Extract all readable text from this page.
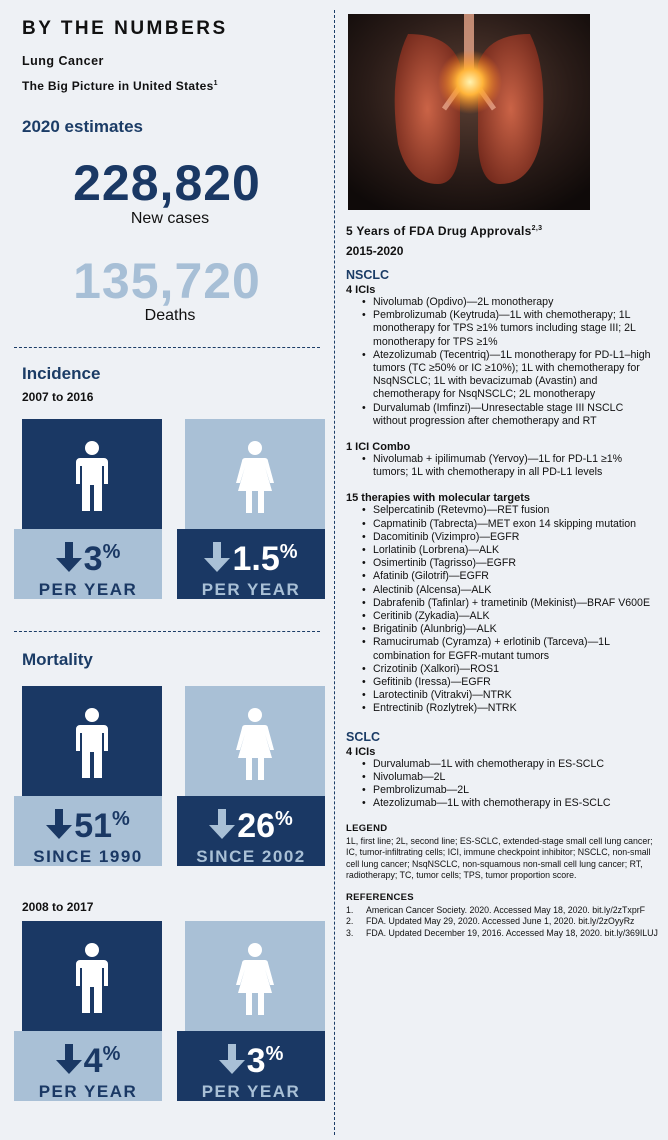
BY THE NUMBERS
Lung Cancer
The Big Picture in United States$^1$
2020 estimates
228,820
New cases
135,720
Deaths
Incidence
2007 to 2016
3%
PER YEAR
1.5%
PER YEAR
Mortality
51%
SINCE 1990
26%
SINCE 2002
2008 to 2017
4%
PER YEAR
3%
PER YEAR
5 Years of FDA Drug Approvals$^{2,3}$
2015-2020
NSCLC
4 ICIs
• Nivolumab (Opdivo)—2L monotherapy
• Pembrolizumab (Keytruda)—1L with chemotherapy; 1L monotherapy for TPS ≥1% tumors including stage III; 2L monotherapy for TPS ≥1%
• Atezolizumab (Tecentriq)—1L monotherapy for PD-L1–high tumors (TC ≥50% or IC ≥10%); 1L with chemotherapy for NsqNSCLC; 1L with bevacizumab (Avastin) and chemotherapy for NsqNSCLC; 2L monotherapy
• Durvalumab (Imfinzi)—Unresectable stage III NSCLC without progression after chemotherapy and RT
1 ICI Combo
• Nivolumab + ipilimumab (Yervoy)—1L for PD-L1 ≥1% tumors; 1L with chemotherapy in all PD-L1 levels
15 therapies with molecular targets
• Selpercatinib (Retevmo)—RET fusion
• Capmatinib (Tabrecta)—MET exon 14 skipping mutation
• Dacomitinib (Vizimpro)—EGFR
• Lorlatinib (Lorbrena)—ALK
• Osimertinib (Tagrisso)—EGFR
• Afatinib (Gilotrif)—EGFR
• Alectinib (Alcensa)—ALK
• Dabrafenib (Tafinlar) + trametinib (Mekinist)—BRAF V600E
• Ceritinib (Zykadia)—ALK
• Brigatinib (Alunbrig)—ALK
• Ramucirumab (Cyramza) + erlotinib (Tarceva)—1L combination for EGFR-mutant tumors
• Crizotinib (Xalkori)—ROS1
• Gefitinib (Iressa)—EGFR
• Larotectinib (Vitrakvi)—NTRK
• Entrectinib (Rozlytrek)—NTRK
SCLC
4 ICIs
• Durvalumab—1L with chemotherapy in ES-SCLC
• Nivolumab—2L
• Pembrolizumab—2L
• Atezolizumab—1L with chemotherapy in ES-SCLC
LEGEND
1L, first line; 2L, second line; ES-SCLC, extended-stage small cell lung cancer; IC, tumor-infiltrating cells; ICI, immune checkpoint inhibitor; NSCLC, non-small cell lung cancer; NsqNSCLC, non-squamous non-small cell lung cancer; RT, radiotherapy; TC, tumor cells; TPS, tumor proportion score.
REFERENCES
1. American Cancer Society. 2020. Accessed May 18, 2020. bit.ly/2zTxprF
2. FDA. Updated May 29, 2020. Accessed June 1, 2020. bit.ly/2zOyyRz
3. FDA. Updated December 19, 2016. Accessed May 18, 2020. bit.ly/369ILUJ
